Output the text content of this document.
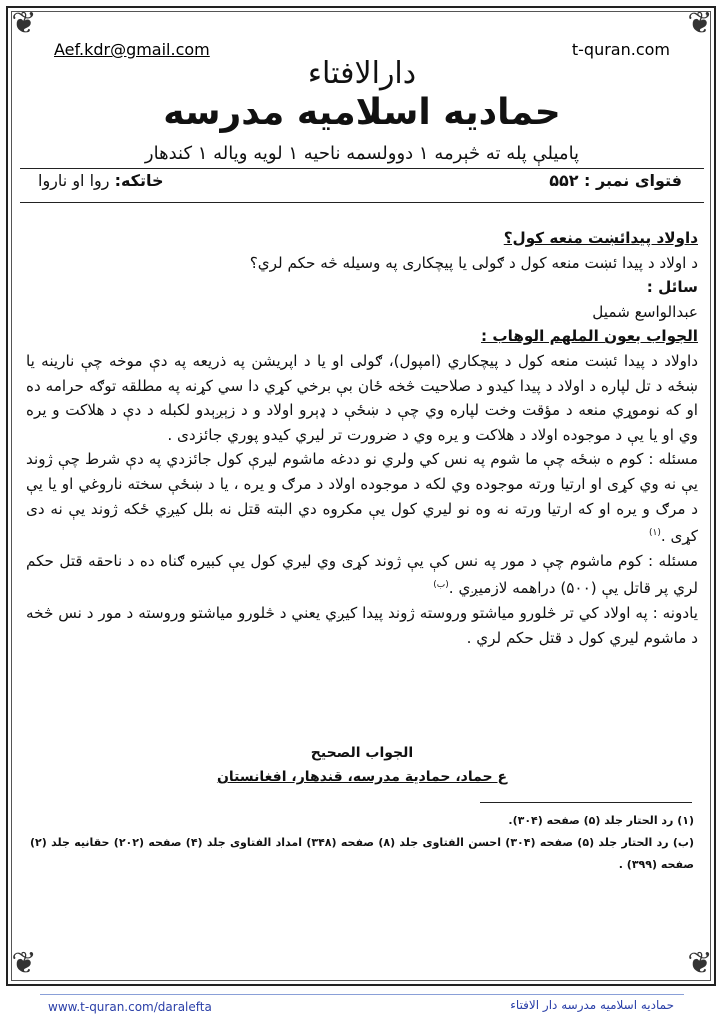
❦	❦
❦	❦
Aef.kdr@gmail.com	t-quran.com
دارالافتاء
حمادیه اسلامیه مدرسه
پامیلې پله ته څېرمه ۱ دوولسمه ناحیه ۱ لویه ویاله ۱ کندهار
فتوای نمبر : ۵۵۲
خاتکه: روا او ناروا

داولاد پیدائښت منعه کول؟

د اولاد د پیدا ئښت منعه کول د ګولی یا پیچکاری په وسیله څه حکم لري؟

سائل :

عبدالواسع شمیل

الجواب بعون الملهم الوهاب :

داولاد د پیدا ئښت منعه کول د پیچکاري (امپول)، ګولی او یا د اپریشن په ذریعه په دې موخه چې نارینه یا ښځه د تل لپاره د اولاد د پیدا کیدو د صلاحیت څخه ځان بې برخي کړي دا سي کړنه په مطلقه توګه حرامه ده او که نوموړي منعه د مؤقت وخت لپاره وي چې د ښځې د ډېرو اولاد و د زېږېدو لکبله د دې د هلاکت و یره وي او یا یې د موجوده اولاد د هلاکت و یره وي د ضرورت تر لیري کیدو پوري جائزدی .

مسئله : کوم ه ښځه چې ما شوم په نس کي ولري نو ددغه ماشوم لیرې کول جائزدي په دې شرط چې ژوند یې نه وي کړی او ارتیا ورته موجوده وي لکه د موجوده اولاد د مرګ و یره ، یا د ښځې سخته ناروغي او یا یې د مرګ و یره او که ارتیا ورته نه وه نو لیري کول یې مکروه دي البته قتل نه بلل کیږي ځکه ژوند یې نه دی کړی .$^{(۱)}$

مسئله : کوم ماشوم چې د مور په نس کې یې ژوند کړی وي لیري کول یې کبیره ګناه ده د ناحقه قتل حکم لري پر قاتل یې (۵۰۰) دراهمه لازمیږي .$^{(ب)}$

یادونه : په اولاد کي تر څلورو میاشتو وروسته ژوند پیدا کیږي یعني د څلورو میاشتو وروسته د مور د نس څخه د ماشوم لیري کول د قتل حکم لري .

الجواب الصحیح
ع حماد، حمادیة مدرسه، قندهار، افغانستان

(۱) رد الحتار جلد (۵) صفحه (۳۰۴).

(ب) رد الحتار جلد (۵) صفحه (۳۰۴) احسن الفتاوی جلد (۸) صفحه (۳۴۸) امداد الفتاوی جلد (۴) صفحه (۲۰۲) حقانیه جلد (۲) صفحه (۳۹۹) .

www.t-quran.com/daralefta	حمادیه اسلامیه مدرسه دار الافتاء
